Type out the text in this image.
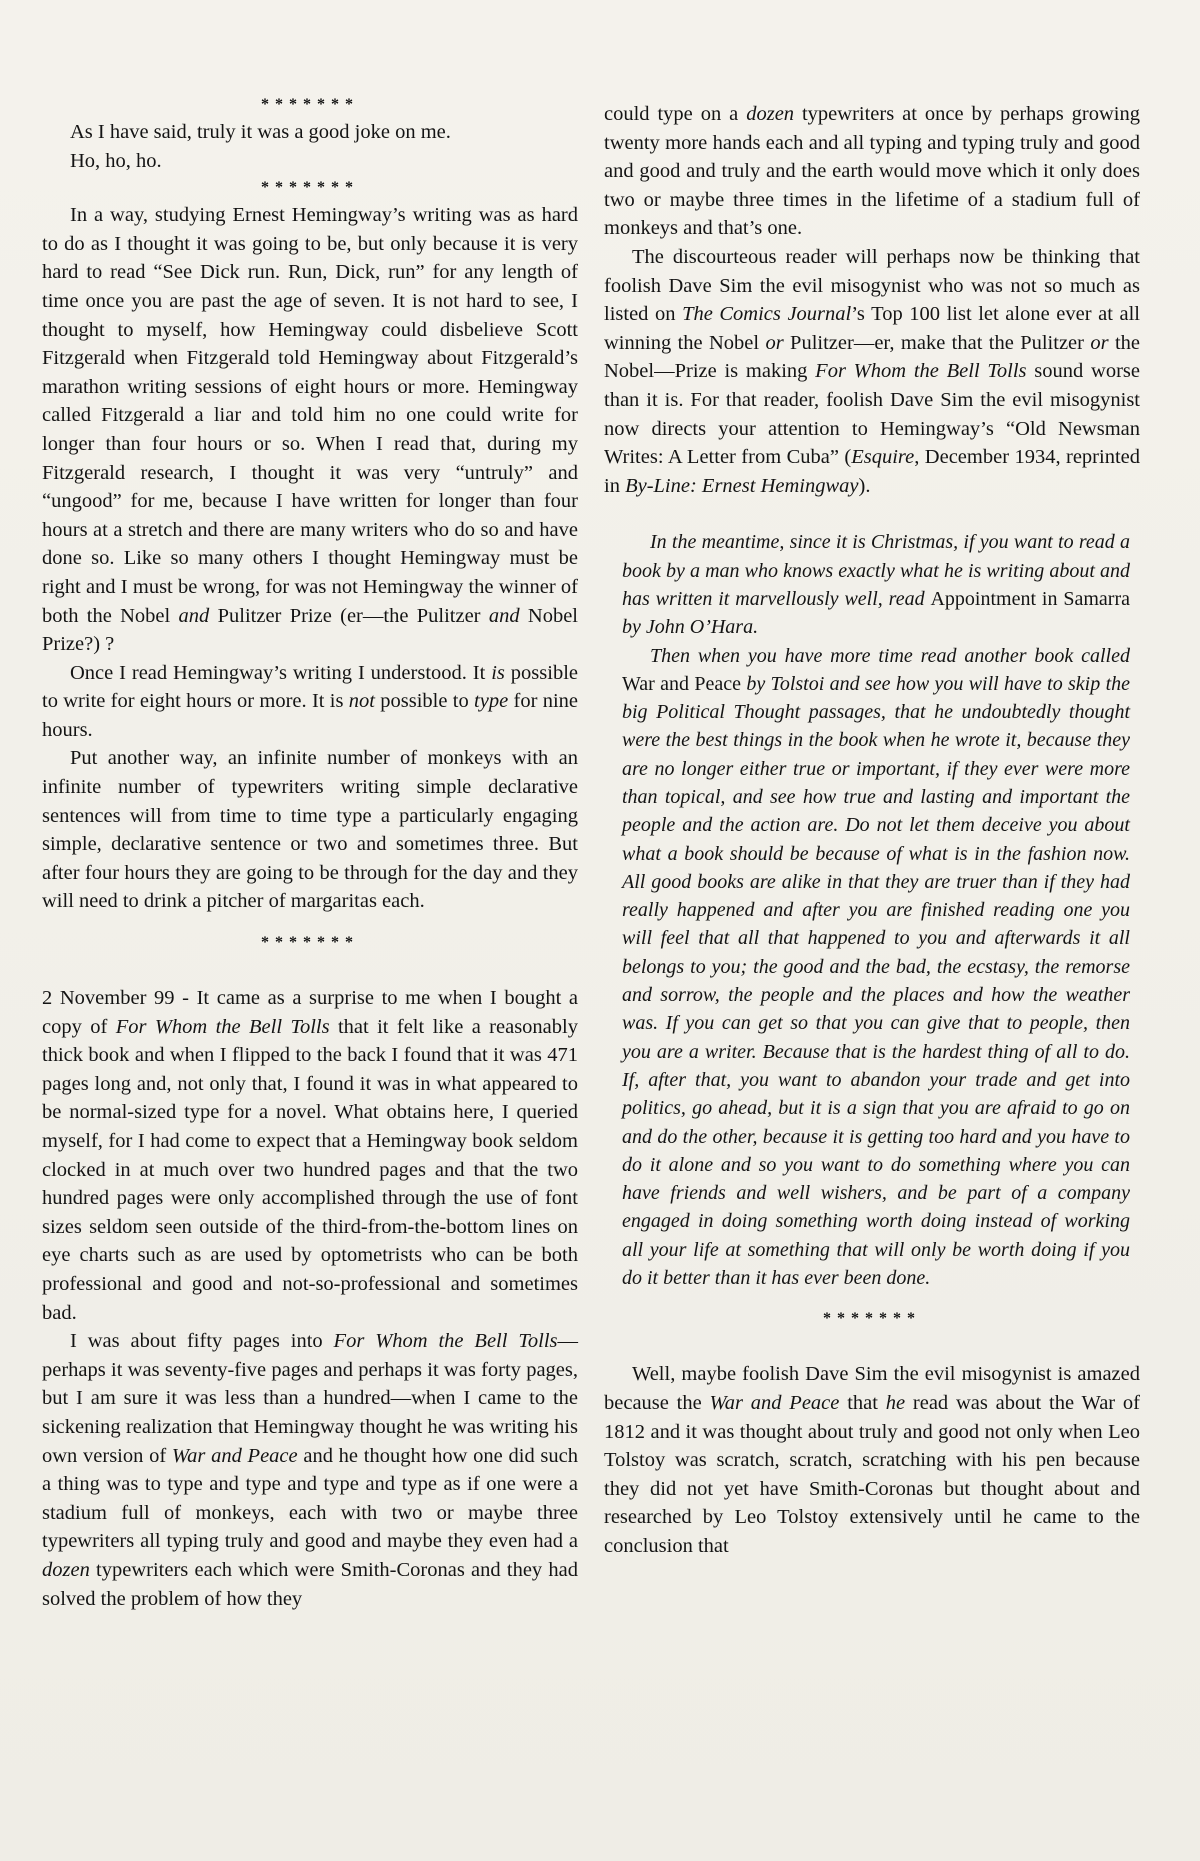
*******

As I have said, truly it was a good joke on me.

Ho, ho, ho.

*******

In a way, studying Ernest Hemingway’s writing was as hard to do as I thought it was going to be, but only because it is very hard to read “See Dick run. Run, Dick, run” for any length of time once you are past the age of seven. It is not hard to see, I thought to myself, how Hemingway could disbelieve Scott Fitzgerald when Fitzgerald told Hemingway about Fitzgerald’s marathon writing sessions of eight hours or more. Hemingway called Fitzgerald a liar and told him no one could write for longer than four hours or so. When I read that, during my Fitzgerald research, I thought it was very “untruly” and “ungood” for me, because I have written for longer than four hours at a stretch and there are many writers who do so and have done so. Like so many others I thought Hemingway must be right and I must be wrong, for was not Hemingway the winner of both the Nobel and Pulitzer Prize (er—the Pulitzer and Nobel Prize?) ?

Once I read Hemingway’s writing I understood. It is possible to write for eight hours or more. It is not possible to type for nine hours.

Put another way, an infinite number of monkeys with an infinite number of typewriters writing simple declarative sentences will from time to time type a particularly engaging simple, declarative sentence or two and sometimes three. But after four hours they are going to be through for the day and they will need to drink a pitcher of margaritas each.

*******

2 November 99 - It came as a surprise to me when I bought a copy of For Whom the Bell Tolls that it felt like a reasonably thick book and when I flipped to the back I found that it was 471 pages long and, not only that, I found it was in what appeared to be normal-sized type for a novel. What obtains here, I queried myself, for I had come to expect that a Hemingway book seldom clocked in at much over two hundred pages and that the two hundred pages were only accomplished through the use of font sizes seldom seen outside of the third-from-the-bottom lines on eye charts such as are used by optometrists who can be both professional and good and not-so-professional and sometimes bad.

I was about fifty pages into For Whom the Bell Tolls—perhaps it was seventy-five pages and perhaps it was forty pages, but I am sure it was less than a hundred—when I came to the sickening realization that Hemingway thought he was writing his own version of War and Peace and he thought how one did such a thing was to type and type and type and type as if one were a stadium full of monkeys, each with two or maybe three typewriters all typing truly and good and maybe they even had a dozen typewriters each which were Smith-Coronas and they had solved the problem of how they

could type on a dozen typewriters at once by perhaps growing twenty more hands each and all typing and typing truly and good and good and truly and the earth would move which it only does two or maybe three times in the lifetime of a stadium full of monkeys and that’s one.

The discourteous reader will perhaps now be thinking that foolish Dave Sim the evil misogynist who was not so much as listed on The Comics Journal’s Top 100 list let alone ever at all winning the Nobel or Pulitzer—er, make that the Pulitzer or the Nobel—Prize is making For Whom the Bell Tolls sound worse than it is. For that reader, foolish Dave Sim the evil misogynist now directs your attention to Hemingway’s “Old Newsman Writes: A Letter from Cuba” (Esquire, December 1934, reprinted in By-Line: Ernest Hemingway).

In the meantime, since it is Christmas, if you want to read a book by a man who knows exactly what he is writing about and has written it marvellously well, read Appointment in Samarra by John O’Hara.

Then when you have more time read another book called War and Peace by Tolstoi and see how you will have to skip the big Political Thought passages, that he undoubtedly thought were the best things in the book when he wrote it, because they are no longer either true or important, if they ever were more than topical, and see how true and lasting and important the people and the action are. Do not let them deceive you about what a book should be because of what is in the fashion now. All good books are alike in that they are truer than if they had really happened and after you are finished reading one you will feel that all that happened to you and afterwards it all belongs to you; the good and the bad, the ecstasy, the remorse and sorrow, the people and the places and how the weather was. If you can get so that you can give that to people, then you are a writer. Because that is the hardest thing of all to do. If, after that, you want to abandon your trade and get into politics, go ahead, but it is a sign that you are afraid to go on and do the other, because it is getting too hard and you have to do it alone and so you want to do something where you can have friends and well wishers, and be part of a company engaged in doing something worth doing instead of working all your life at something that will only be worth doing if you do it better than it has ever been done.

*******

Well, maybe foolish Dave Sim the evil misogynist is amazed because the War and Peace that he read was about the War of 1812 and it was thought about truly and good not only when Leo Tolstoy was scratch, scratch, scratching with his pen because they did not yet have Smith-Coronas but thought about and researched by Leo Tolstoy extensively until he came to the conclusion that
